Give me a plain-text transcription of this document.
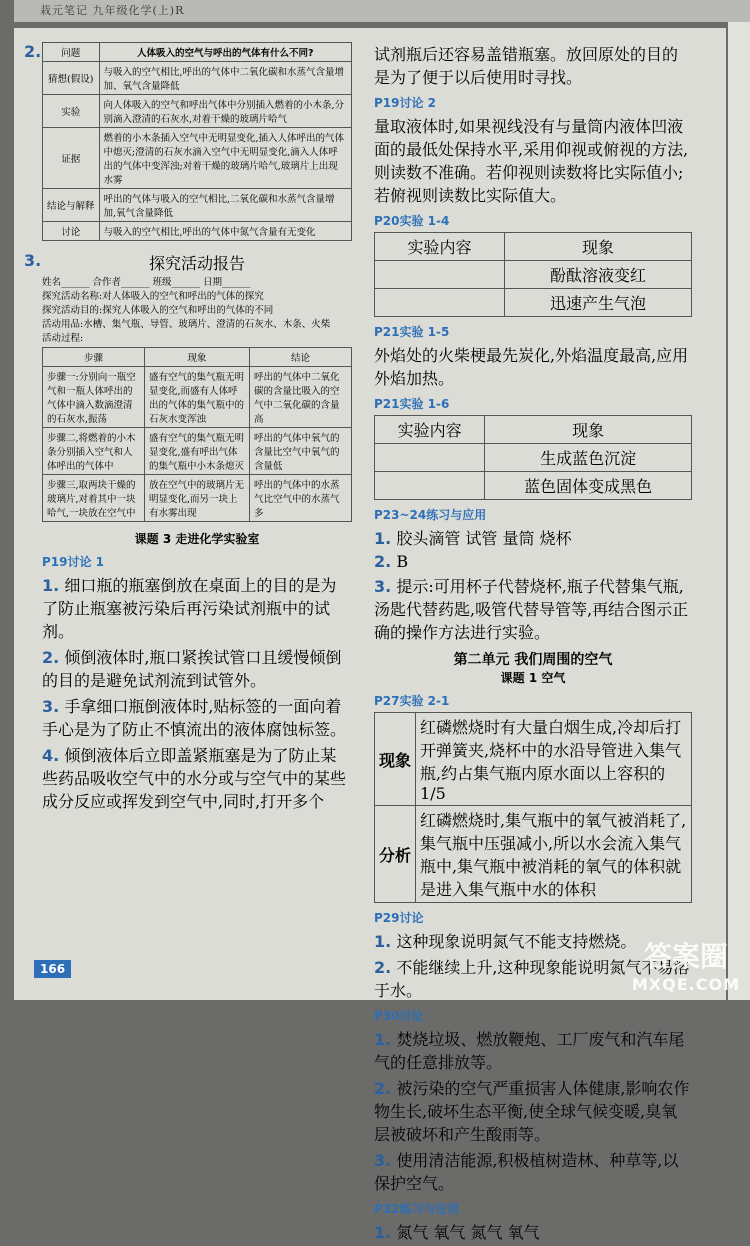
栽元笔记 九年级化学(上)R
2. 问题	人体吸入的空气与呼出的气体有什么不同?
猜想(假设)	与吸入的空气相比,呼出的气体中二氧化碳和水蒸气含量增加、氧气含量降低
实验	向人体吸入的空气和呼出气体中分别插入燃着的小木条,分别滴入澄清的石灰水,对着干燥的玻璃片哈气
证据	燃着的小木条插入空气中无明显变化,插入人体呼出的气体中熄灭;澄清的石灰水滴入空气中无明显变化,滴入人体呼出的气体中变浑浊;对着干燥的玻璃片哈气,玻璃片上出现水雾
结论与解释	呼出的气体与吸入的空气相比,二氧化碳和水蒸气含量增加,氧气含量降低
讨论	与吸入的空气相比,呼出的气体中氮气含量有无变化
3.	探究活动报告
姓名______ 合作者______ 班级______ 日期______
探究活动名称:对人体吸入的空气和呼出的气体的探究
探究活动目的:探究人体吸入的空气和呼出的气体的不同
活动用品:水槽、集气瓶、导管、玻璃片、澄清的石灰水、木条、火柴
活动过程:
步骤	现象	结论
步骤一:分别向一瓶空气和一瓶人体呼出的气体中滴入数滴澄清的石灰水,振荡	盛有空气的集气瓶无明显变化,而盛有人体呼出的气体的集气瓶中的石灰水变浑浊	呼出的气体中二氧化碳的含量比吸入的空气中二氧化碳的含量高
步骤二,将燃着的小木条分别插入空气和人体呼出的气体中	盛有空气的集气瓶无明显变化,盛有呼出气体的集气瓶中小木条熄灭	呼出的气体中氧气的含量比空气中氧气的含量低
步骤三,取两块干燥的玻璃片,对着其中一块哈气,一块放在空气中	放在空气中的玻璃片无明显变化,而另一块上有水雾出现	呼出的气体中的水蒸气比空气中的水蒸气多
课题 3 走进化学实验室
P19讨论 1
1. 细口瓶的瓶塞倒放在桌面上的目的是为了防止瓶塞被污染后再污染试剂瓶中的试剂。
2. 倾倒液体时,瓶口紧挨试管口且缓慢倾倒的目的是避免试剂流到试管外。
3. 手拿细口瓶倒液体时,贴标签的一面向着手心是为了防止不慎流出的液体腐蚀标签。
4. 倾倒液体后立即盖紧瓶塞是为了防止某些药品吸收空气中的水分或与空气中的某些成分反应或挥发到空气中,同时,打开多个
试剂瓶后还容易盖错瓶塞。放回原处的目的是为了便于以后使用时寻找。
P19讨论 2
量取液体时,如果视线没有与量筒内液体凹液面的最低处保持水平,采用仰视或俯视的方法,则读数不准确。若仰视则读数将比实际值小;若俯视则读数比实际值大。
P20实验 1-4
实验内容	现象
	酚酞溶液变红
	迅速产生气泡
P21实验 1-5
外焰处的火柴梗最先炭化,外焰温度最高,应用外焰加热。
P21实验 1-6
实验内容	现象
	生成蓝色沉淀
	蓝色固体变成黑色
P23~24练习与应用
1. 胶头滴管 试管 量筒 烧杯
2. B
3. 提示:可用杯子代替烧杯,瓶子代替集气瓶,汤匙代替药匙,吸管代替导管等,再结合图示正确的操作方法进行实验。
第二单元 我们周围的空气
课题 1 空气
P27实验 2-1
现象	红磷燃烧时有大量白烟生成,冷却后打开弹簧夹,烧杯中的水沿导管进入集气瓶,约占集气瓶内原水面以上容积的1/5
分析	红磷燃烧时,集气瓶中的氧气被消耗了,集气瓶中压强减小,所以水会流入集气瓶中,集气瓶中被消耗的氧气的体积就是进入集气瓶中水的体积
P29讨论
1. 这种现象说明氮气不能支持燃烧。
2. 不能继续上升,这种现象能说明氮气不易溶于水。
P30讨论
1. 焚烧垃圾、燃放鞭炮、工厂废气和汽车尾气的任意排放等。
2. 被污染的空气严重损害人体健康,影响农作物生长,破坏生态平衡,使全球气候变暖,臭氧层被破坏和产生酸雨等。
3. 使用清洁能源,积极植树造林、种草等,以保护空气。
P32练习与应用
1. 氮气 氧气 氮气 氧气
166
答案圈
MXQE.COM
